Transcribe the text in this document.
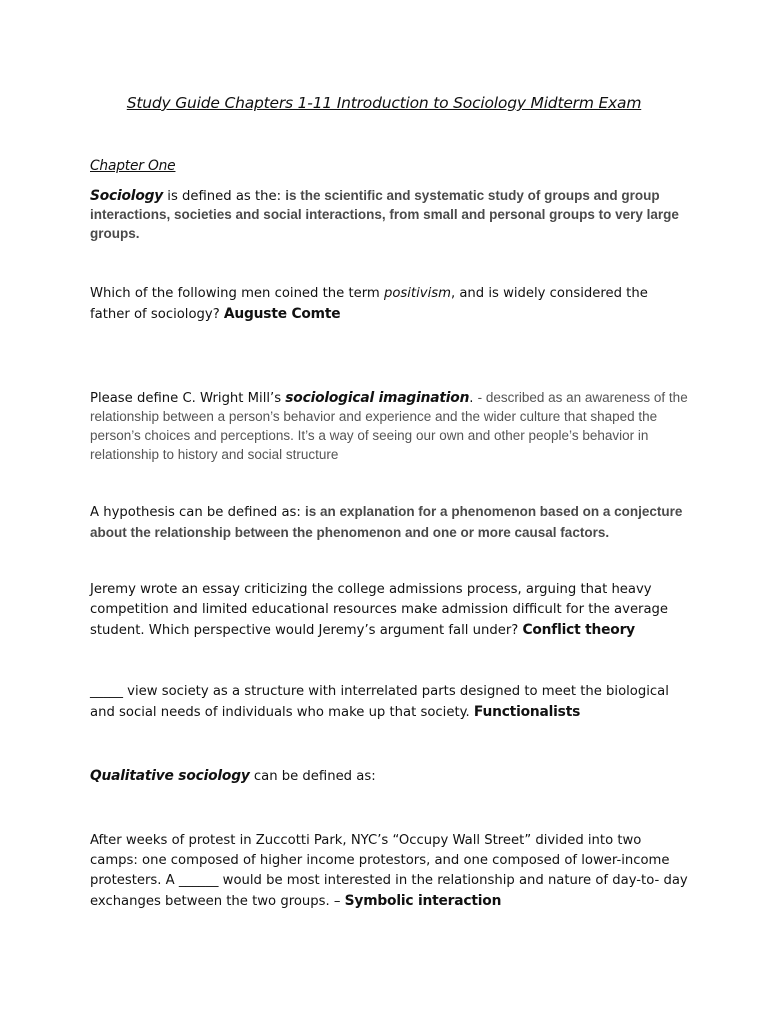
Study Guide Chapters 1-11 Introduction to Sociology Midterm Exam
Chapter One
Sociology is defined as the: is the scientific and systematic study of groups and group interactions, societies and social interactions, from small and personal groups to very large groups.
Which of the following men coined the term positivism, and is widely considered the father of sociology? Auguste Comte
Please define C. Wright Mill’s sociological imagination. - described as an awareness of the relationship between a person’s behavior and experience and the wider culture that shaped the person’s choices and perceptions. It’s a way of seeing our own and other people’s behavior in relationship to history and social structure
A hypothesis can be defined as: is an explanation for a phenomenon based on a conjecture about the relationship between the phenomenon and one or more causal factors.
Jeremy wrote an essay criticizing the college admissions process, arguing that heavy competition and limited educational resources make admission difficult for the average student. Which perspective would Jeremy’s argument fall under? Conflict theory
_____ view society as a structure with interrelated parts designed to meet the biological and social needs of individuals who make up that society. Functionalists
Qualitative sociology can be defined as:
After weeks of protest in Zuccotti Park, NYC’s “Occupy Wall Street” divided into two camps: one composed of higher income protestors, and one composed of lower-income protesters. A ______ would be most interested in the relationship and nature of day-to- day exchanges between the two groups. – Symbolic interaction
